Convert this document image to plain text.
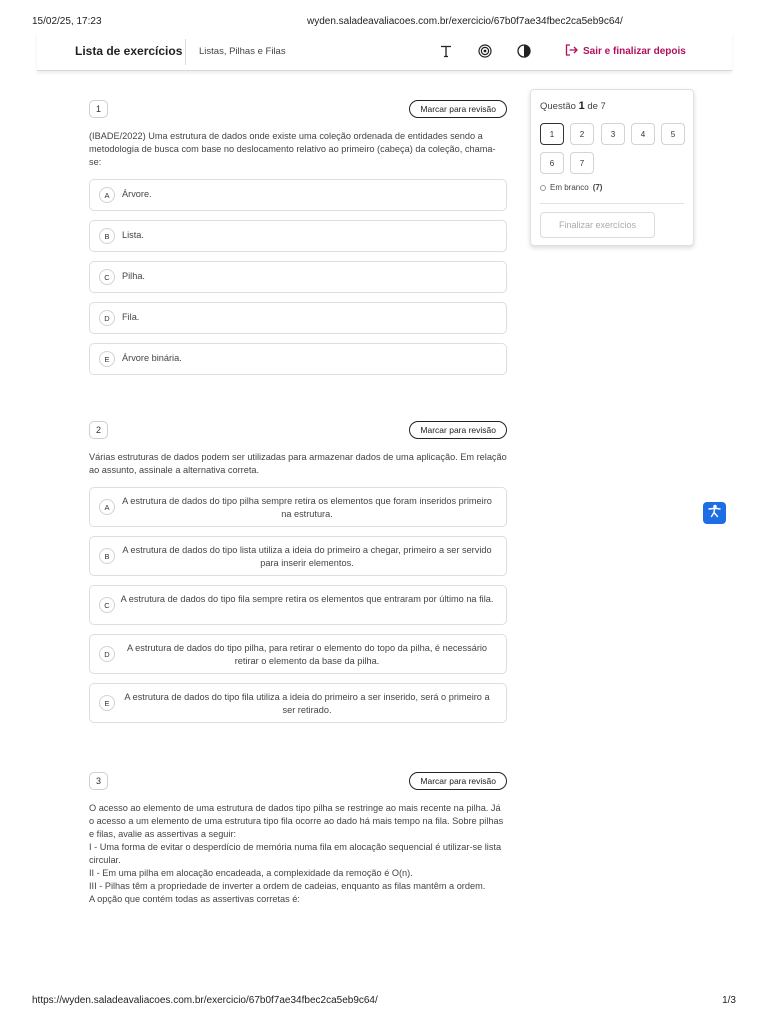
15/02/25, 17:23	wyden.saladeavaliacoes.com.br/exercicio/67b0f7ae34fbec2ca5eb9c64/
Lista de exercícios Listas, Pilhas e Filas	Sair e finalizar depois
1	Marcar para revisão

(IBADE/2022) Uma estrutura de dados onde existe uma coleção ordenada de entidades sendo a metodologia de busca com base no deslocamento relativo ao primeiro (cabeça) da coleção, chama-se:

A	Árvore.
B	Lista.
C	Pilha.
D	Fila.
E	Árvore binária.
2	Marcar para revisão

Várias estruturas de dados podem ser utilizadas para armazenar dados de uma aplicação. Em relação ao assunto, assinale a alternativa correta.

A
A estrutura de dados do tipo pilha sempre retira os elementos que foram inseridos primeiro na estrutura.
B
A estrutura de dados do tipo lista utiliza a ideia do primeiro a chegar, primeiro a ser servido para inserir elementos.
C
A estrutura de dados do tipo fila sempre retira os elementos que entraram por último na fila.
D
A estrutura de dados do tipo pilha, para retirar o elemento do topo da pilha, é necessário retirar o elemento da base da pilha.
E
A estrutura de dados do tipo fila utiliza a ideia do primeiro a ser inserido, será o primeiro a ser retirado.
3	Marcar para revisão

O acesso ao elemento de uma estrutura de dados tipo pilha se restringe ao mais recente na pilha. Já o acesso a um elemento de uma estrutura tipo fila ocorre ao dado há mais tempo na fila. Sobre pilhas e filas, avalie as assertivas a seguir:

I - Uma forma de evitar o desperdício de memória numa fila em alocação sequencial é utilizar-se lista circular.

II - Em uma pilha em alocação encadeada, a complexidade da remoção é O(n).

III - Pilhas têm a propriedade de inverter a ordem de cadeias, enquanto as filas mantêm a ordem.

A opção que contém todas as assertivas corretas é:

Questão 1 de 7
1	2	3	4	5
6	7
Em branco (7)
Finalizar exercícios
https://wyden.saladeavaliacoes.com.br/exercicio/67b0f7ae34fbec2ca5eb9c64/	1/3
